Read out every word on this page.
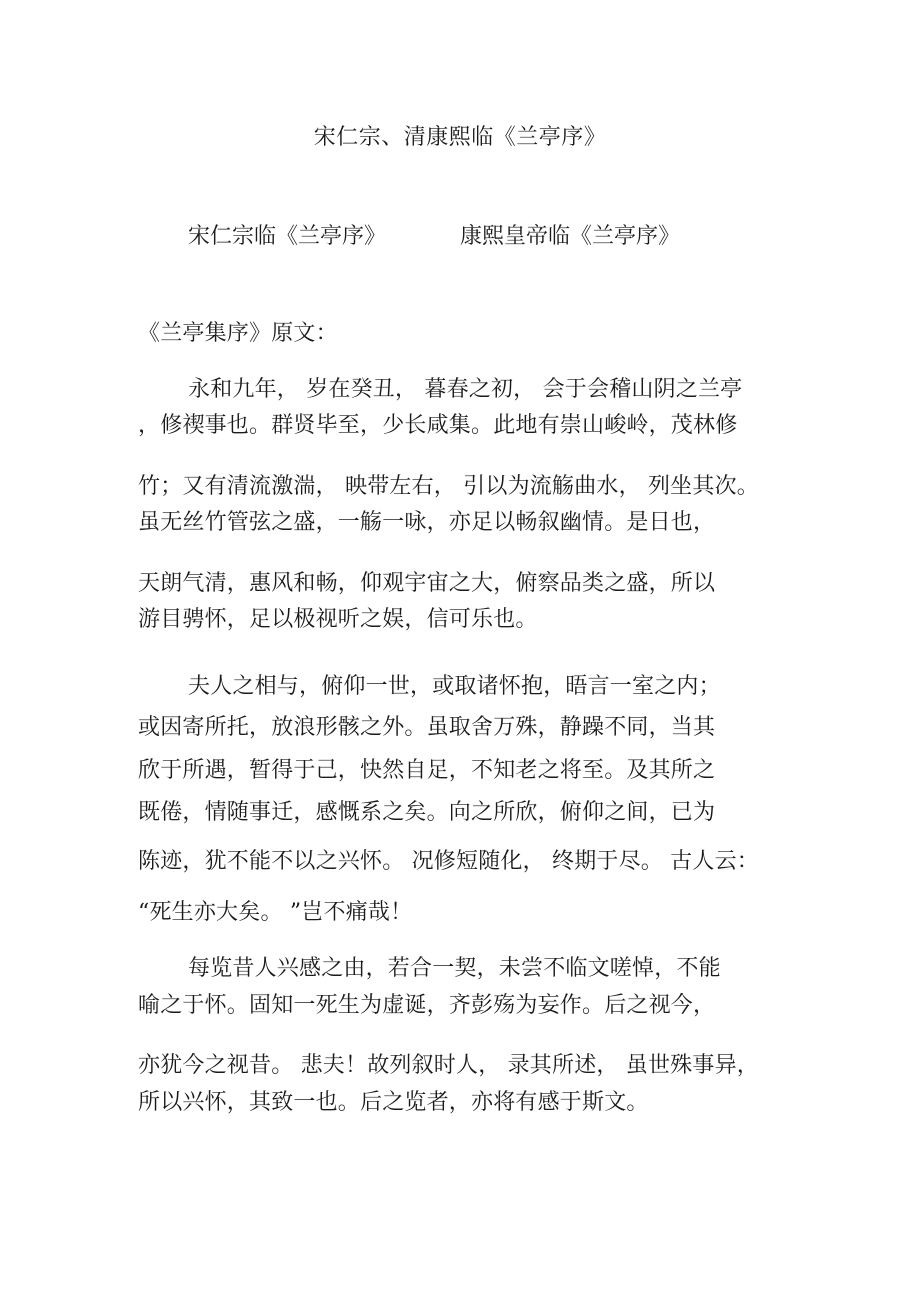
宋仁宗、清康熙临《兰亭序》
宋仁宗临《兰亭序》	康熙皇帝临《兰亭序》
《兰亭集序》原文：
永和九年， 岁在癸丑， 暮春之初， 会于会稽山阴之兰亭
，修禊事也。群贤毕至，少长咸集。此地有崇山峻岭，茂林修
竹；又有清流激湍， 映带左右， 引以为流觞曲水， 列坐其次。
虽无丝竹管弦之盛，一觞一咏，亦足以畅叙幽情。是日也，
天朗气清，惠风和畅，仰观宇宙之大，俯察品类之盛，所以
游目骋怀，足以极视听之娱，信可乐也。
夫人之相与，俯仰一世，或取诸怀抱，晤言一室之内；
或因寄所托，放浪形骸之外。虽取舍万殊，静躁不同，当其
欣于所遇，暂得于己，快然自足，不知老之将至。及其所之
既倦，情随事迁，感慨系之矣。向之所欣，俯仰之间，已为
陈迹，犹不能不以之兴怀。 况修短随化， 终期于尽。 古人云：
“死生亦大矣。 ”岂不痛哉！
每览昔人兴感之由，若合一契，未尝不临文嗟悼，不能
喻之于怀。固知一死生为虚诞，齐彭殇为妄作。后之视今，
亦犹今之视昔。 悲夫！故列叙时人， 录其所述， 虽世殊事异，
所以兴怀，其致一也。后之览者，亦将有感于斯文。
